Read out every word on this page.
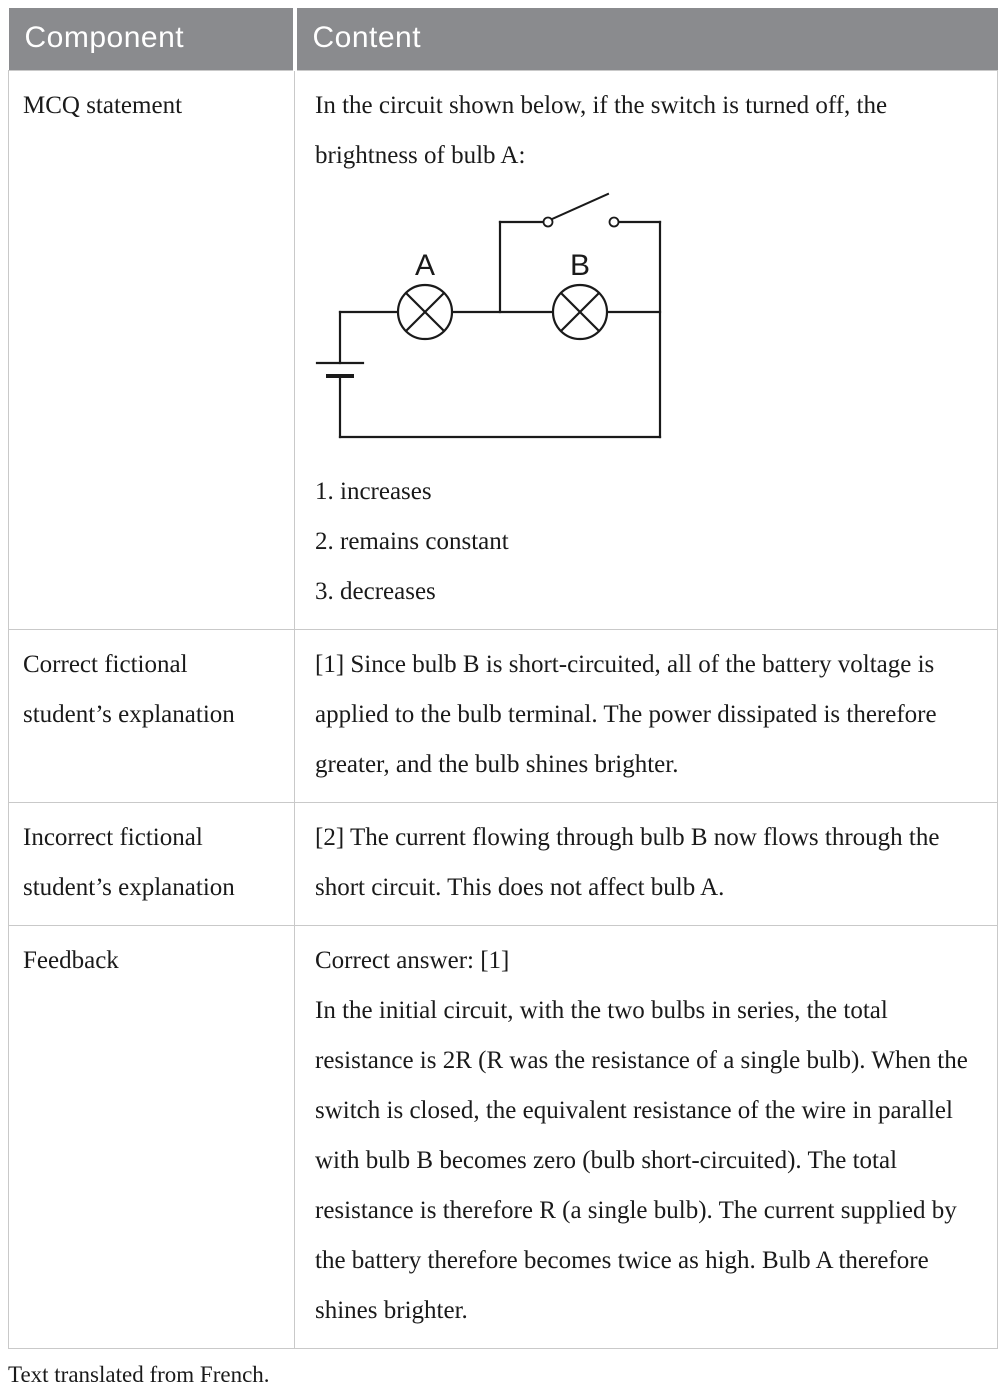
Component	Content
MCQ statement	In the circuit shown below, if the switch is turned off, the brightness of bulb A:

A	B

1. increases

2. remains constant

3. decreases

Correct fictional student’s explanation	[1] Since bulb B is short-circuited, all of the battery voltage is applied to the bulb terminal. The power dissipated is therefore greater, and the bulb shines brighter.

Incorrect fictional student’s explanation	[2] The current flowing through bulb B now flows through the short circuit. This does not affect bulb A.

Feedback	Correct answer: [1]

In the initial circuit, with the two bulbs in series, the total resistance is 2R (R was the resistance of a single bulb). When the switch is closed, the equivalent resistance of the wire in parallel with bulb B becomes zero (bulb short-circuited). The total resistance is therefore R (a single bulb). The current supplied by the battery therefore becomes twice as high. Bulb A therefore shines brighter.

Text translated from French.
